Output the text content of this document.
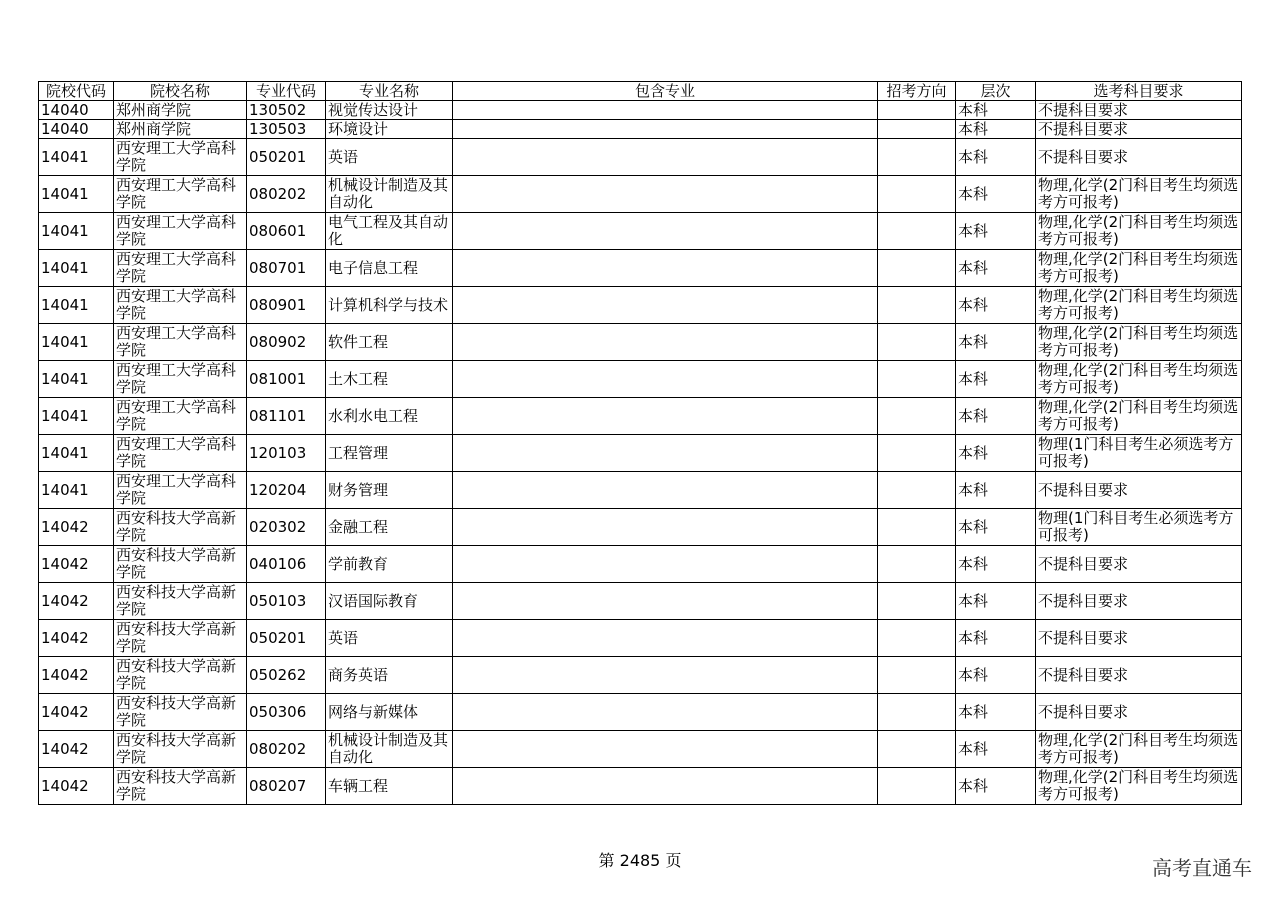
院校代码	院校名称	专业代码	专业名称	包含专业	招考方向	层次	选考科目要求
14040	郑州商学院	130502	视觉传达设计			本科	不提科目要求
14040	郑州商学院	130503	环境设计			本科	不提科目要求
14041	西安理工大学高科学院	050201	英语			本科	不提科目要求
14041	西安理工大学高科学院	080202	机械设计制造及其自动化			本科	物理,化学(2门科目考生均须选考方可报考)
14041	西安理工大学高科学院	080601	电气工程及其自动化			本科	物理,化学(2门科目考生均须选考方可报考)
14041	西安理工大学高科学院	080701	电子信息工程			本科	物理,化学(2门科目考生均须选考方可报考)
14041	西安理工大学高科学院	080901	计算机科学与技术			本科	物理,化学(2门科目考生均须选考方可报考)
14041	西安理工大学高科学院	080902	软件工程			本科	物理,化学(2门科目考生均须选考方可报考)
14041	西安理工大学高科学院	081001	土木工程			本科	物理,化学(2门科目考生均须选考方可报考)
14041	西安理工大学高科学院	081101	水利水电工程			本科	物理,化学(2门科目考生均须选考方可报考)
14041	西安理工大学高科学院	120103	工程管理			本科	物理(1门科目考生必须选考方可报考)
14041	西安理工大学高科学院	120204	财务管理			本科	不提科目要求
14042	西安科技大学高新学院	020302	金融工程			本科	物理(1门科目考生必须选考方可报考)
14042	西安科技大学高新学院	040106	学前教育			本科	不提科目要求
14042	西安科技大学高新学院	050103	汉语国际教育			本科	不提科目要求
14042	西安科技大学高新学院	050201	英语			本科	不提科目要求
14042	西安科技大学高新学院	050262	商务英语			本科	不提科目要求
14042	西安科技大学高新学院	050306	网络与新媒体			本科	不提科目要求
14042	西安科技大学高新学院	080202	机械设计制造及其自动化			本科	物理,化学(2门科目考生均须选考方可报考)
14042	西安科技大学高新学院	080207	车辆工程			本科	物理,化学(2门科目考生均须选考方可报考)
第 2485 页	高考直通车
